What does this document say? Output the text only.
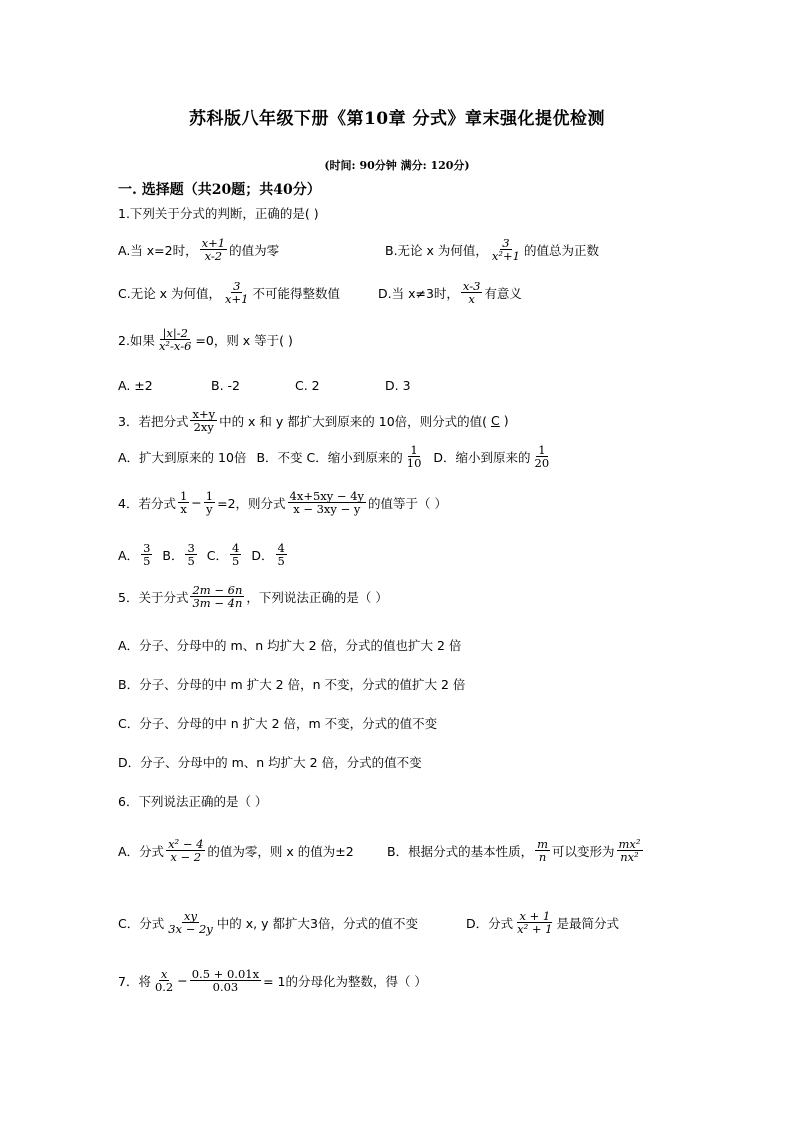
苏科版八年级下册《第10章 分式》章末强化提优检测
(时间: 90分钟 满分: 120分)
一. 选择题（共20题；共40分）
1.下列关于分式的判断，正确的是( )
A.当 x=2时， $\frac{x+1}{x-2}$ 的值为零	B.无论 x 为何值， $\frac{3}{\text{x²+1}}$ 的值总为正数
C.无论 x 为何值， $\frac{3}{x+1}$ 不可能得整数值	D.当 x≠3时， $\frac{x-3}{x}$ 有意义
2.如果 $\frac{|x|-2}{\text{x²-x-6}} =0$，则 x 等于( )
A. ±2	B. -2	C. 2	D. 3
3．若把分式 $\frac{x+y}{2xy}$ 中的 x 和 y 都扩大到原来的 10倍，则分式的值( C )
A．扩大到原来的 10倍 B．不变 C．缩小到原来的 $\frac{1}{10}$ D．缩小到原来的 $\frac{1}{20}$
4．若分式 $\frac{1}{x} - \frac{1}{y} =2$，则分式 $\frac{4x+5xy - 4y}{x - 3xy - y}$ 的值等于（ ）
A． $\frac{3}{5}$ B． $\frac{3}{5}$ C． $\frac{4}{5}$ D． $\frac{4}{5}$
5．关于分式 $\frac{2m - 6n}{3m - 4n}$ ，下列说法正确的是（ ）
A．分子、分母中的 m、n 均扩大 2 倍，分式的值也扩大 2 倍
B．分子、分母的中 m 扩大 2 倍，n 不变，分式的值扩大 2 倍
C．分子、分母的中 n 扩大 2 倍，m 不变，分式的值不变
D．分子、分母中的 m、n 均扩大 2 倍，分式的值不变
6．下列说法正确的是（ ）
A．分式 $\frac{\text{x² − 4}}{x - 2}$ 的值为零，则 x 的值为±2	B．根据分式的基本性质， $\frac{m}{n}$ 可以变形为 $\frac{\text{mx²}}{\text{nx²}}$
C．分式 $\frac{xy}{3x - 2y}$ 中的 x, y 都扩大3倍，分式的值不变	D．分式 $\frac{x + 1}{\text{x² + 1}}$ 是最简分式
7．将 $\frac{x}{0.2} - \frac{0.5 + 0.01x}{0.03} = 1$的分母化为整数，得（ ）
